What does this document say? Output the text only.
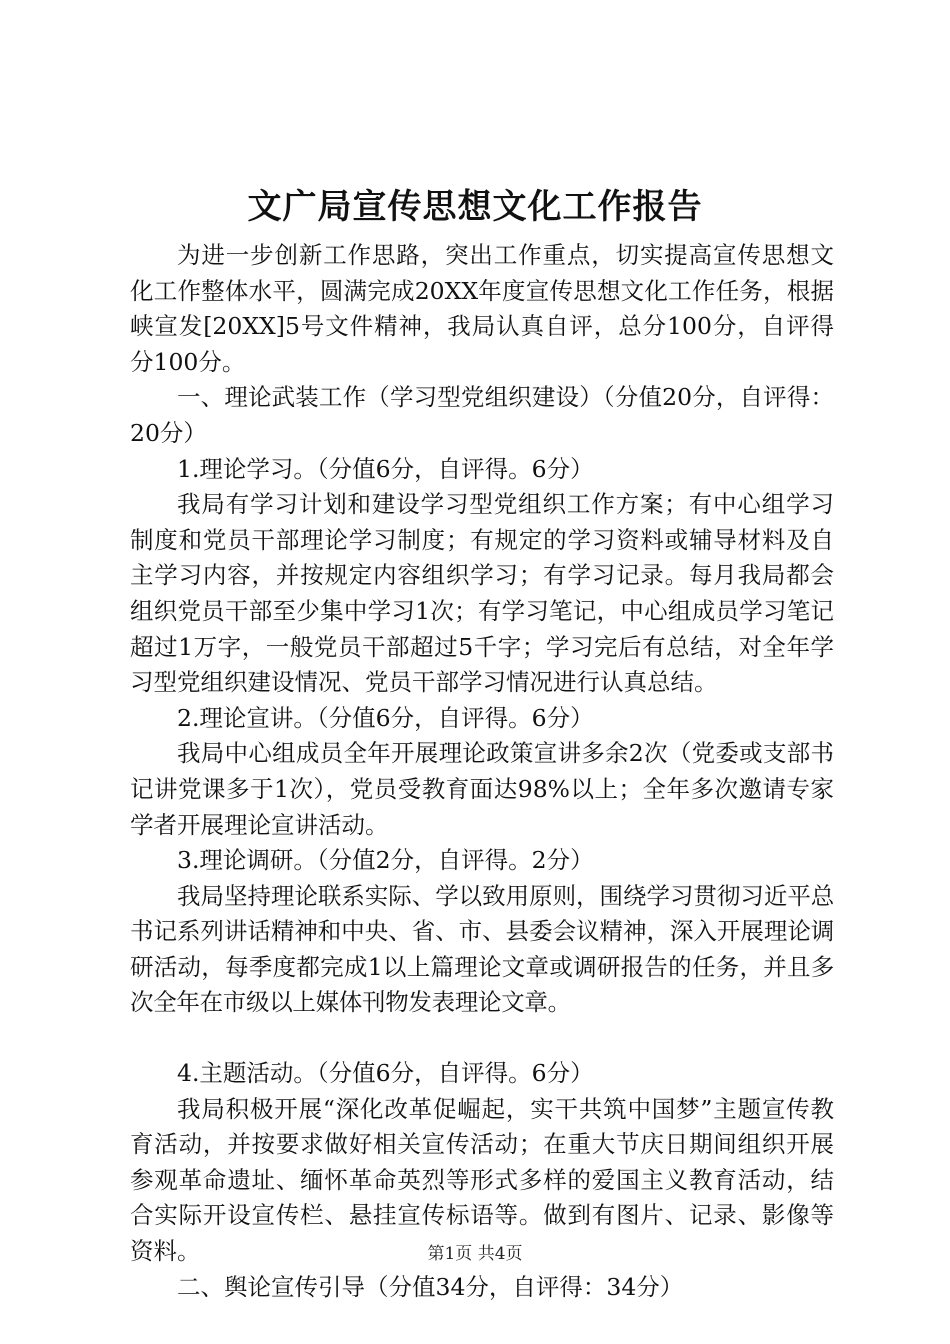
文广局宣传思想文化工作报告

为进一步创新工作思路，突出工作重点，切实提高宣传思想文化工作整体水平，圆满完成20XX年度宣传思想文化工作任务，根据峡宣发[20XX]5号文件精神，我局认真自评，总分100分，自评得分100分。

一、理论武装工作（学习型党组织建设）（分值20分，自评得：20分）

1.理论学习。（分值6分，自评得。6分）

我局有学习计划和建设学习型党组织工作方案；有中心组学习制度和党员干部理论学习制度；有规定的学习资料或辅导材料及自主学习内容，并按规定内容组织学习；有学习记录。每月我局都会组织党员干部至少集中学习1次；有学习笔记，中心组成员学习笔记超过1万字，一般党员干部超过5千字；学习完后有总结，对全年学习型党组织建设情况、党员干部学习情况进行认真总结。

2.理论宣讲。（分值6分，自评得。6分）

我局中心组成员全年开展理论政策宣讲多余2次（党委或支部书记讲党课多于1次），党员受教育面达98%以上；全年多次邀请专家学者开展理论宣讲活动。

3.理论调研。（分值2分，自评得。2分）

我局坚持理论联系实际、学以致用原则，围绕学习贯彻习近平总书记系列讲话精神和中央、省、市、县委会议精神，深入开展理论调研活动，每季度都完成1以上篇理论文章或调研报告的任务，并且多次全年在市级以上媒体刊物发表理论文章。

4.主题活动。（分值6分，自评得。6分）

我局积极开展“深化改革促崛起，实干共筑中国梦”主题宣传教育活动，并按要求做好相关宣传活动；在重大节庆日期间组织开展参观革命遗址、缅怀革命英烈等形式多样的爱国主义教育活动，结合实际开设宣传栏、悬挂宣传标语等。做到有图片、记录、影像等资料。

二、舆论宣传引导（分值34分，自评得：34分）

第1页 共4页
